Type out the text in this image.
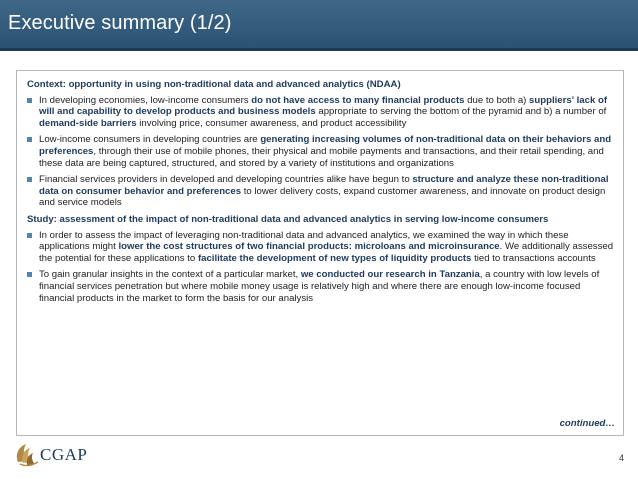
Executive summary (1/2)
Context: opportunity in using non-traditional data and advanced analytics (NDAA)
In developing economies, low-income consumers do not have access to many financial products due to both a) suppliers' lack of will and capability to develop products and business models appropriate to serving the bottom of the pyramid and b) a number of demand-side barriers involving price, consumer awareness, and product accessibility
Low-income consumers in developing countries are generating increasing volumes of non-traditional data on their behaviors and preferences, through their use of mobile phones, their physical and mobile payments and transactions, and their retail spending, and these data are being captured, structured, and stored by a variety of institutions and organizations
Financial services providers in developed and developing countries alike have begun to structure and analyze these non-traditional data on consumer behavior and preferences to lower delivery costs, expand customer awareness, and innovate on product design and service models
Study: assessment of the impact of non-traditional data and advanced analytics in serving low-income consumers
In order to assess the impact of leveraging non-traditional data and advanced analytics, we examined the way in which these applications might lower the cost structures of two financial products: microloans and microinsurance. We additionally assessed the potential for these applications to facilitate the development of new types of liquidity products tied to transactions accounts
To gain granular insights in the context of a particular market, we conducted our research in Tanzania, a country with low levels of financial services penetration but where mobile money usage is relatively high and where there are enough low-income focused financial products in the market to form the basis for our analysis
continued…
CGAP	4
